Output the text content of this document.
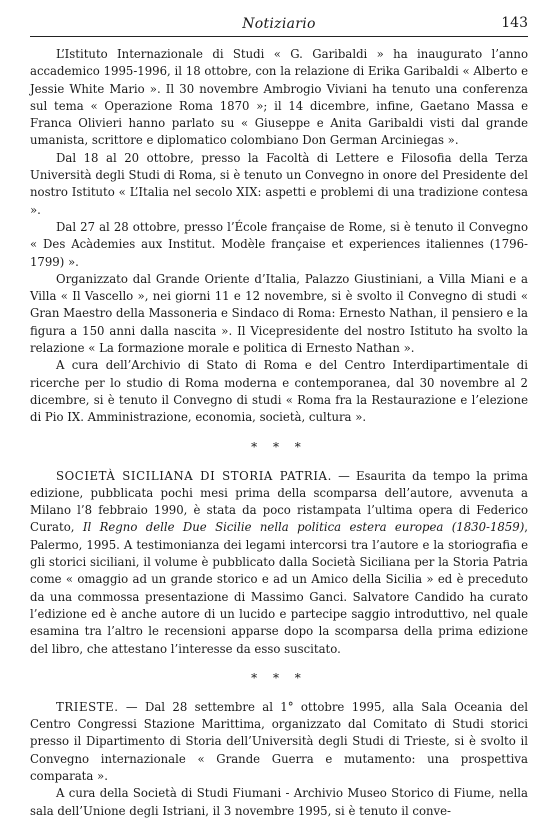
Notiziario	143

L’Istituto Internazionale di Studi « G. Garibaldi » ha inaugurato l’anno accademico 1995-1996, il 18 ottobre, con la relazione di Erika Garibaldi « Alberto e Jessie White Mario ». Il 30 novembre Ambrogio Viviani ha tenuto una conferenza sul tema « Operazione Roma 1870 »; il 14 dicembre, infine, Gaetano Massa e Franca Olivieri hanno parlato su « Giuseppe e Anita Garibaldi visti dal grande umanista, scrittore e diplomatico colombiano Don German Arciniegas ».

Dal 18 al 20 ottobre, presso la Facoltà di Lettere e Filosofia della Terza Università degli Studi di Roma, si è tenuto un Convegno in onore del Presidente del nostro Istituto « L’Italia nel secolo XIX: aspetti e problemi di una tradizione contesa ».

Dal 27 al 28 ottobre, presso l’École française de Rome, si è tenuto il Convegno « Des Acàdemies aux Institut. Modèle française et experiences italiennes (1796-1799) ».

Organizzato dal Grande Oriente d’Italia, Palazzo Giustiniani, a Villa Miani e a Villa « Il Vascello », nei giorni 11 e 12 novembre, si è svolto il Convegno di studi « Gran Maestro della Massoneria e Sindaco di Roma: Ernesto Nathan, il pensiero e la figura a 150 anni dalla nascita ». Il Vicepresidente del nostro Istituto ha svolto la relazione « La formazione morale e politica di Ernesto Nathan ».

A cura dell’Archivio di Stato di Roma e del Centro Interdipartimentale di ricerche per lo studio di Roma moderna e contemporanea, dal 30 novembre al 2 dicembre, si è tenuto il Convegno di studi « Roma fra la Restaurazione e l’elezione di Pio IX. Amministrazione, economia, società, cultura ».

* * *

SOCIETÀ SICILIANA DI STORIA PATRIA. — Esaurita da tempo la prima edizione, pubblicata pochi mesi prima della scomparsa dell’autore, avvenuta a Milano l’8 febbraio 1990, è stata da poco ristampata l’ultima opera di Federico Curato, Il Regno delle Due Sicilie nella politica estera europea (1830-1859), Palermo, 1995. A testimonianza dei legami intercorsi tra l’autore e la storiografia e gli storici siciliani, il volume è pubblicato dalla Società Siciliana per la Storia Patria come « omaggio ad un grande storico e ad un Amico della Sicilia » ed è preceduto da una commossa presentazione di Massimo Ganci. Salvatore Candido ha curato l’edizione ed è anche autore di un lucido e partecipe saggio introduttivo, nel quale esamina tra l’altro le recensioni apparse dopo la scomparsa della prima edizione del libro, che attestano l’interesse da esso suscitato.

* * *

TRIESTE. — Dal 28 settembre al 1° ottobre 1995, alla Sala Oceania del Centro Congressi Stazione Marittima, organizzato dal Comitato di Studi storici presso il Dipartimento di Storia dell’Università degli Studi di Trieste, si è svolto il Convegno internazionale « Grande Guerra e mutamento: una prospettiva comparata ».

A cura della Società di Studi Fiumani - Archivio Museo Storico di Fiume, nella sala dell’Unione degli Istriani, il 3 novembre 1995, si è tenuto il conve-
